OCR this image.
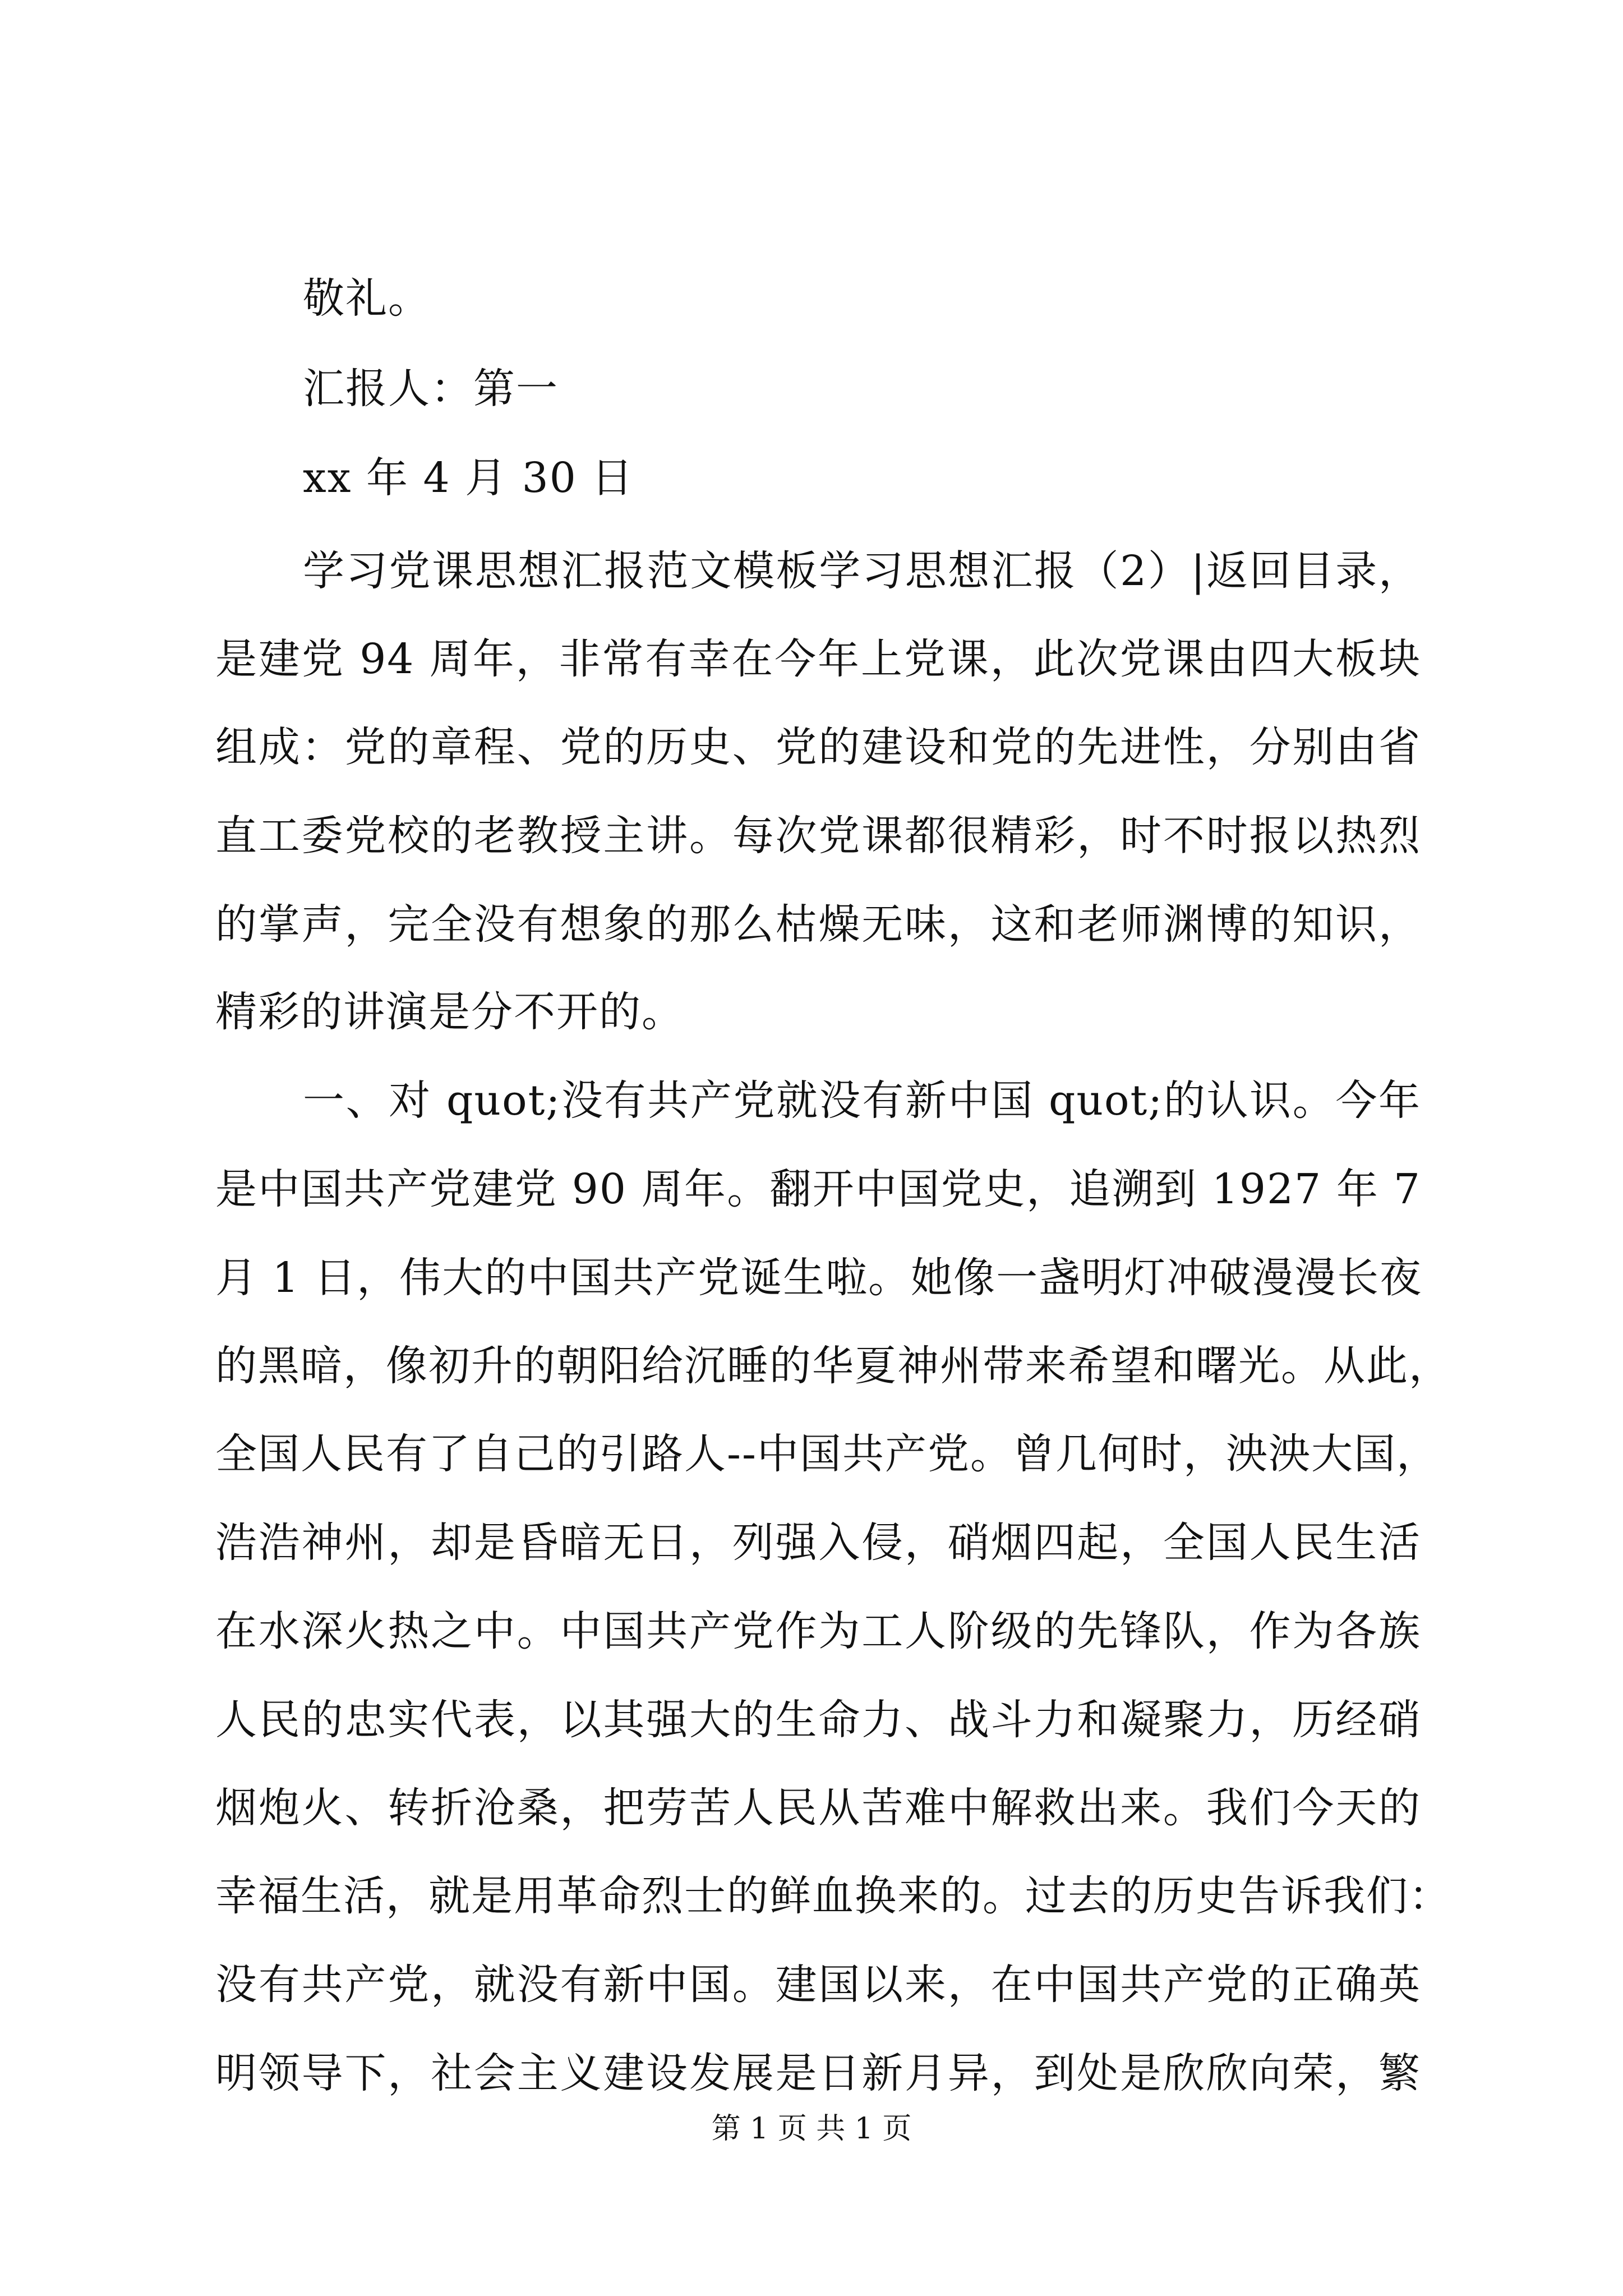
敬礼。
汇报人：第一
xx 年 4 月 30 日
学习党课思想汇报范文模板学习思想汇报（2）|返回目录，
是建党 94 周年，非常有幸在今年上党课，此次党课由四大板块
组成：党的章程、党的历史、党的建设和党的先进性，分别由省
直工委党校的老教授主讲。每次党课都很精彩，时不时报以热烈
的掌声，完全没有想象的那么枯燥无味，这和老师渊博的知识，
精彩的讲演是分不开的。
一、对 quot;没有共产党就没有新中国 quot;的认识。今年
是中国共产党建党 90 周年。翻开中国党史，追溯到 1927 年 7
月 1 日，伟大的中国共产党诞生啦。她像一盏明灯冲破漫漫长夜
的黑暗，像初升的朝阳给沉睡的华夏神州带来希望和曙光。从此，
全国人民有了自己的引路人--中国共产党。曾几何时，泱泱大国，
浩浩神州，却是昏暗无日，列强入侵，硝烟四起，全国人民生活
在水深火热之中。中国共产党作为工人阶级的先锋队，作为各族
人民的忠实代表，以其强大的生命力、战斗力和凝聚力，历经硝
烟炮火、转折沧桑，把劳苦人民从苦难中解救出来。我们今天的
幸福生活，就是用革命烈士的鲜血换来的。过去的历史告诉我们：
没有共产党，就没有新中国。建国以来，在中国共产党的正确英
明领导下，社会主义建设发展是日新月异，到处是欣欣向荣，繁
第 1 页 共 1 页
